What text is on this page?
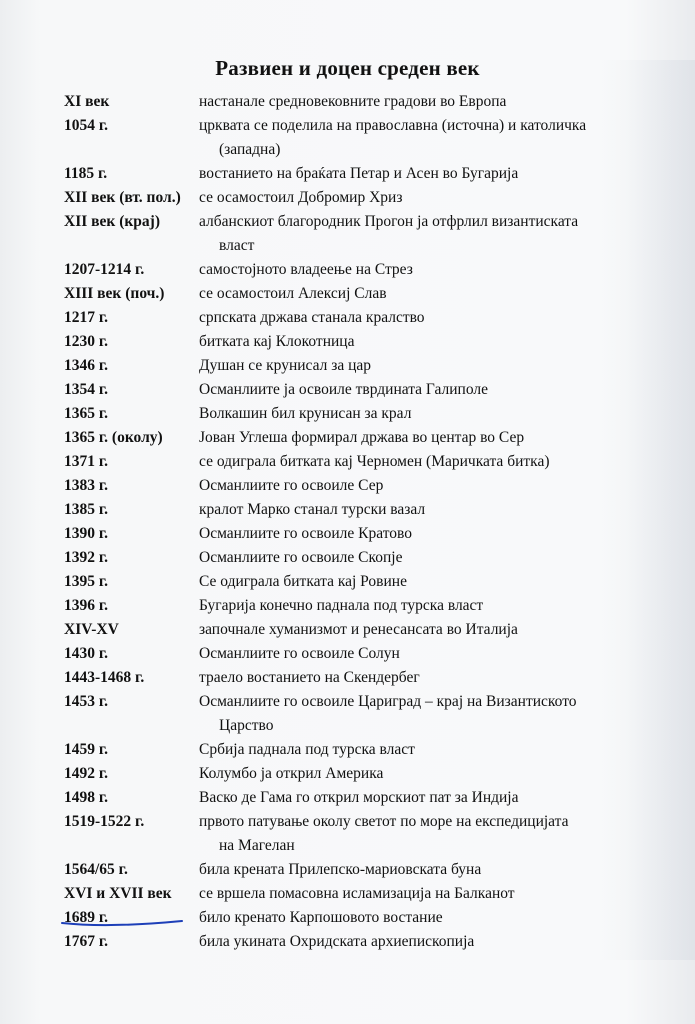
Развиен и доцен среден век
XI век	настанале средновековните градови во Европа
1054 г.	црквата се поделила на православна (источна) и католичка
(западна)
1185 г.	востанието на браќата Петар и Асен во Бугарија
XII век (вт. пол.)	се осамостоил Добромир Хриз
XII век (крај)	албанскиот благородник Прогон ја отфрлил византиската
власт
1207-1214 г.	самостојното владеење на Стрез
XIII век (поч.)	се осамостоил Алексиј Слав
1217 г.	српската држава станала кралство
1230 г.	битката кај Клокотница
1346 г.	Душан се крунисал за цар
1354 г.	Османлиите ја освоиле тврдината Галиполе
1365 г.	Волкашин бил крунисан за крал
1365 г. (околу)	Јован Углеша формирал држава во центар во Сер
1371 г.	се одиграла битката кај Черномен (Маричката битка)
1383 г.	Османлиите го освоиле Сер
1385 г.	кралот Марко станал турски вазал
1390 г.	Османлиите го освоиле Кратово
1392 г.	Османлиите го освоиле Скопје
1395 г.	Се одиграла битката кај Ровине
1396 г.	Бугарија конечно паднала под турска власт
XIV-XV	започнале хуманизмот и ренесансата во Италија
1430 г.	Османлиите го освоиле Солун
1443-1468 г.	траело востанието на Скендербег
1453 г.	Османлиите го освоиле Цариград – крај на Византиското
Царство
1459 г.	Србија паднала под турска власт
1492 г.	Колумбо ја открил Америка
1498 г.	Васко де Гама го открил морскиот пат за Индија
1519-1522 г.	првото патување околу светот по море на експедицијата
на Магелан
1564/65 г.	била крената Прилепско-мариовската буна
XVI и XVII век	се вршела помасовна исламизација на Балканот
1689 г.	било кренато Карпошовото востание
1767 г.	била укината Охридската архиепископија
